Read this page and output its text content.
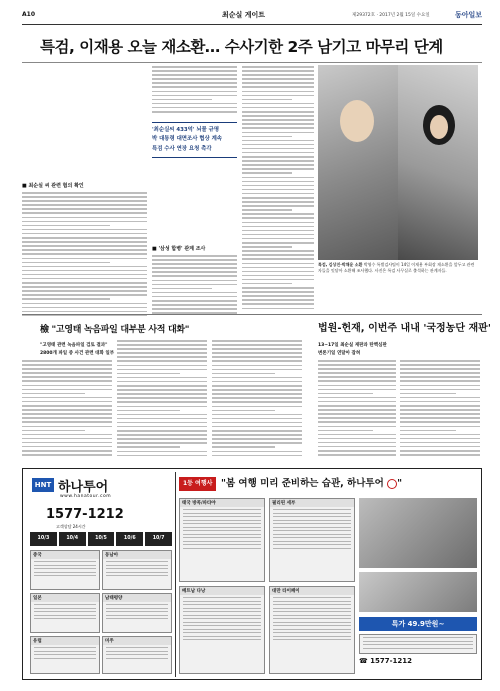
A10	최순실 게이트	제29372호 · 2017년 2월 15일 수요일	동아일보
특검, 이재용 오늘 재소환… 수사기한 2주 남기고 마무리 단계
■ 최순실 씨 관련 혐의 확인
'최순실씨 433억' 뇌물 규명
박 대통령 대면조사 협상 계속
특검 수사 연장 요청 촉각
■ '삼성 합병' 관계 조사
특검, 김상진·박채윤 소환 박영수 특별검사팀이 14일 이재용 부회장 재소환을 앞두고 관련자들을 잇달아 소환해 조사했다. 사진은 특검 사무실로 출석하는 관계자들.
檢 "고영태 녹음파일 대부분 사적 대화"
"고영태 관련 녹음파일 검토 결과"
2800개 파일 중 사건 관련 대화 일부
법원-헌재, 이번주 내내 '국정농단 재판'
13~17일 최순실 재판과 탄핵심판
변론기일 연달아 잡혀
HNT 하나투어
www.hanatour.com
1577-1212
고객상담 24시간
10/3	10/4	10/5	10/6	10/7
중국	동남아
일본	남태평양
유럽	미주
1등 여행사 "봄 여행 미리 준비하는 습관, 하나투어 "
태국 방콕/파타야	필리핀 세부
베트남 다낭	대만 타이페이
특가 49.9만원~
☎ 1577-1212
